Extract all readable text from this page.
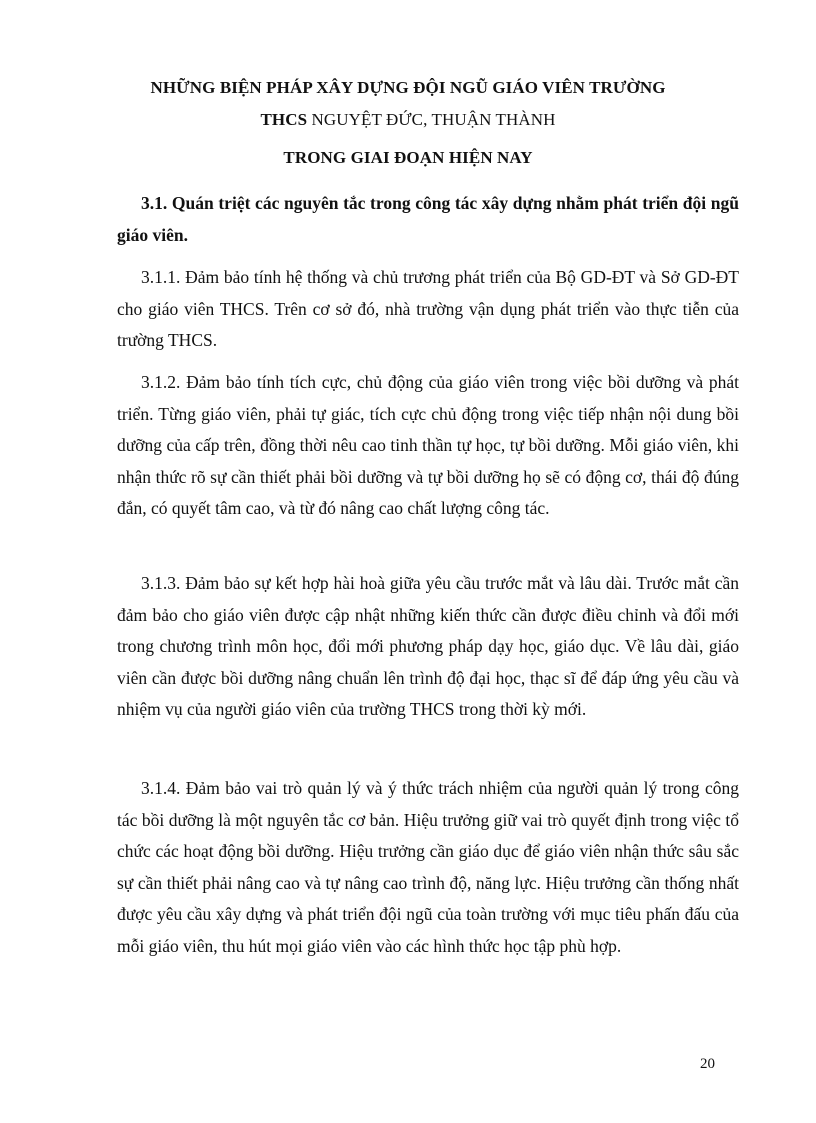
NHỮNG BIỆN PHÁP XÂY DỰNG ĐỘI NGŨ GIÁO VIÊN TRƯỜNG
THCS NGUYỆT ĐỨC, THUẬN THÀNH
TRONG GIAI ĐOẠN HIỆN NAY

3.1. Quán triệt các nguyên tắc trong công tác xây dựng nhằm phát triển đội ngũ giáo viên.

3.1.1. Đảm bảo tính hệ thống và chủ trương phát triển của Bộ GD-ĐT và Sở GD-ĐT cho giáo viên THCS. Trên cơ sở đó, nhà trường vận dụng phát triển vào thực tiễn của trường THCS.

3.1.2. Đảm bảo tính tích cực, chủ động của giáo viên trong việc bồi dưỡng và phát triển. Từng giáo viên, phải tự giác, tích cực chủ động trong việc tiếp nhận nội dung bồi dưỡng của cấp trên, đồng thời nêu cao tinh thần tự học, tự bồi dưỡng. Mỗi giáo viên, khi nhận thức rõ sự cần thiết phải bồi dưỡng và tự bồi dưỡng họ sẽ có động cơ, thái độ đúng đắn, có quyết tâm cao, và từ đó nâng cao chất lượng công tác.

3.1.3. Đảm bảo sự kết hợp hài hoà giữa yêu cầu trước mắt và lâu dài. Trước mắt cần đảm bảo cho giáo viên được cập nhật những kiến thức cần được điều chỉnh và đổi mới trong chương trình môn học, đổi mới phương pháp dạy học, giáo dục. Về lâu dài, giáo viên cần được bồi dưỡng nâng chuẩn lên trình độ đại học, thạc sĩ để đáp ứng yêu cầu và nhiệm vụ của người giáo viên của trường THCS trong thời kỳ mới.

3.1.4. Đảm bảo vai trò quản lý và ý thức trách nhiệm của người quản lý trong công tác bồi dưỡng là một nguyên tắc cơ bản. Hiệu trưởng giữ vai trò quyết định trong việc tổ chức các hoạt động bồi dưỡng. Hiệu trưởng cần giáo dục để giáo viên nhận thức sâu sắc sự cần thiết phải nâng cao và tự nâng cao trình độ, năng lực. Hiệu trưởng cần thống nhất được yêu cầu xây dựng và phát triển đội ngũ của toàn trường với mục tiêu phấn đấu của mỗi giáo viên, thu hút mọi giáo viên vào các hình thức học tập phù hợp.

20
